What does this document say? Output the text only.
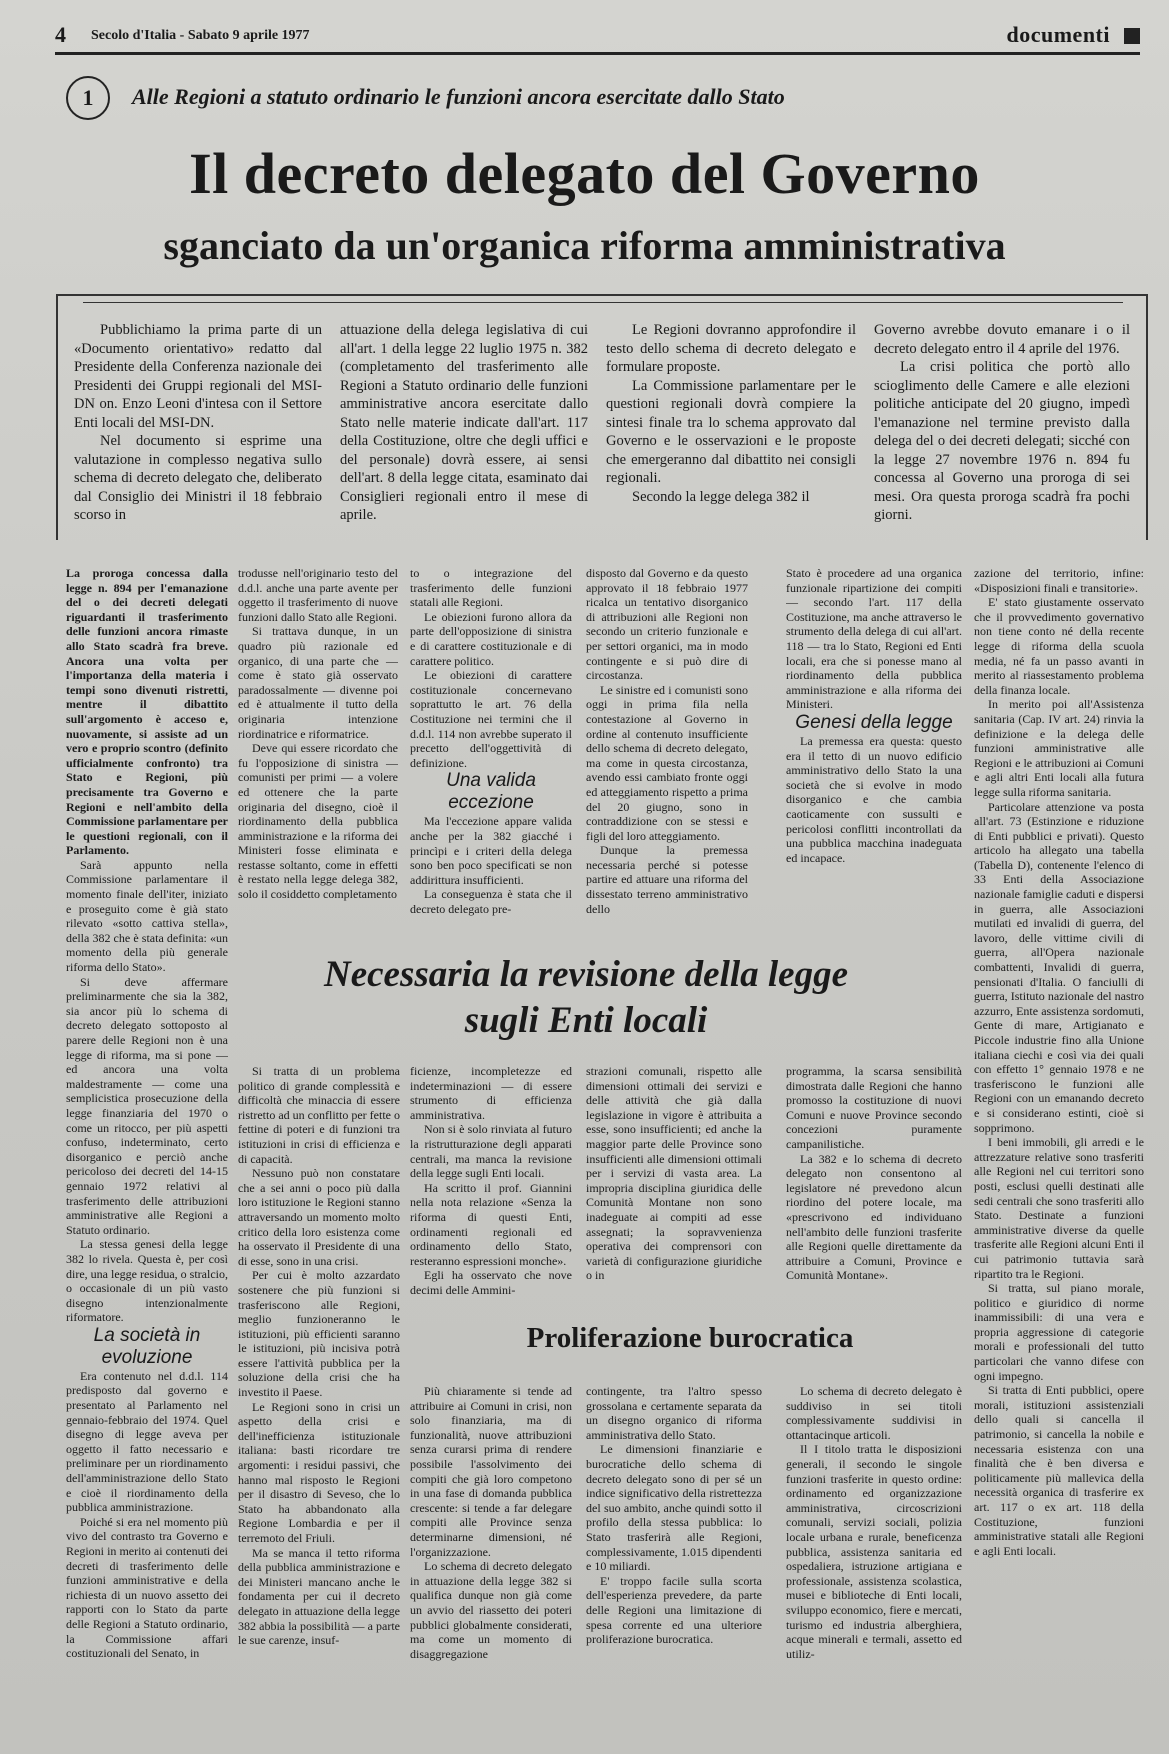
4 Secolo d'Italia - Sabato 9 aprile 1977	documenti
1	Alle Regioni a statuto ordinario le funzioni ancora esercitate dallo Stato
Il decreto delegato del Governo
sganciato da un'organica riforma amministrativa

Pubblichiamo la prima parte di un «Documento orientativo» redatto dal Presidente della Conferenza nazionale dei Presidenti dei Gruppi regionali del MSI-DN on. Enzo Leoni d'intesa con il Settore Enti locali del MSI-DN.

Nel documento si esprime una valutazione in complesso negativa sullo schema di decreto delegato che, deliberato dal Consiglio dei Ministri il 18 febbraio scorso in

attuazione della delega legislativa di cui all'art. 1 della legge 22 luglio 1975 n. 382 (completamento del trasferimento alle Regioni a Statuto ordinario delle funzioni amministrative ancora esercitate dallo Stato nelle materie indicate dall'art. 117 della Costituzione, oltre che degli uffici e del personale) dovrà essere, ai sensi dell'art. 8 della legge citata, esaminato dai Consiglieri regionali entro il mese di aprile.

Le Regioni dovranno approfondire il testo dello schema di decreto delegato e formulare proposte.

La Commissione parlamentare per le questioni regionali dovrà compiere la sintesi finale tra lo schema approvato dal Governo e le osservazioni e le proposte che emergeranno dal dibattito nei consigli regionali.

Secondo la legge delega 382 il

Governo avrebbe dovuto emanare i o il decreto delegato entro il 4 aprile del 1976.

La crisi politica che portò allo scioglimento delle Camere e alle elezioni politiche anticipate del 20 giugno, impedì l'emanazione nel termine previsto dalla delega del o dei decreti delegati; sicché con la legge 27 novembre 1976 n. 894 fu concessa al Governo una proroga di sei mesi. Ora questa proroga scadrà fra pochi giorni.

La proroga concessa dalla legge n. 894 per l'emanazione del o dei decreti delegati riguardanti il trasferimento delle funzioni ancora rimaste allo Stato scadrà fra breve. Ancora una volta per l'importanza della materia i tempi sono divenuti ristretti, mentre il dibattito sull'argomento è acceso e, nuovamente, si assiste ad un vero e proprio scontro (definito ufficialmente confronto) tra Stato e Regioni, più precisamente tra Governo e Regioni e nell'ambito della Commissione parlamentare per le questioni regionali, con il Parlamento.

Sarà appunto nella Commissione parlamentare il momento finale dell'iter, iniziato e proseguito come è già stato rilevato «sotto cattiva stella», della 382 che è stata definita: «un momento della più generale riforma dello Stato».

Si deve affermare preliminarmente che sia la 382, sia ancor più lo schema di decreto delegato sottoposto al parere delle Regioni non è una legge di riforma, ma si pone — ed ancora una volta maldestramente — come una semplicistica prosecuzione della legge finanziaria del 1970 o come un ritocco, per più aspetti confuso, indeterminato, certo disorganico e perciò anche pericoloso dei decreti del 14-15 gennaio 1972 relativi al trasferimento delle attribuzioni amministrative alle Regioni a Statuto ordinario.

La stessa genesi della legge 382 lo rivela. Questa è, per così dire, una legge residua, o stralcio, o occasionale di un più vasto disegno intenzionalmente riformatore.

La società in evoluzione

Era contenuto nel d.d.l. 114 predisposto dal governo e presentato al Parlamento nel gennaio-febbraio del 1974. Quel disegno di legge aveva per oggetto il fatto necessario e preliminare per un riordinamento dell'amministrazione dello Stato e cioè il riordinamento della pubblica amministrazione.

Poiché si era nel momento più vivo del contrasto tra Governo e Regioni in merito ai contenuti dei decreti di trasferimento delle funzioni amministrative e della richiesta di un nuovo assetto dei rapporti con lo Stato da parte delle Regioni a Statuto ordinario, la Commissione affari costituzionali del Senato, in

trodusse nell'originario testo del d.d.l. anche una parte avente per oggetto il trasferimento di nuove funzioni dallo Stato alle Regioni.

Si trattava dunque, in un quadro più razionale ed organico, di una parte che — come è stato già osservato paradossalmente — divenne poi ed è attualmente il tutto della originaria intenzione riordinatrice e riformatrice.

Deve qui essere ricordato che fu l'opposizione di sinistra — comunisti per primi — a volere ed ottenere che la parte originaria del disegno, cioè il riordinamento della pubblica amministrazione e la riforma dei Ministeri fosse eliminata e restasse soltanto, come in effetti è restato nella legge delega 382, solo il cosiddetto completamento

to o integrazione del trasferimento delle funzioni statali alle Regioni.

Le obiezioni furono allora da parte dell'opposizione di sinistra e di carattere costituzionale e di carattere politico.

Le obiezioni di carattere costituzionale concernevano soprattutto le art. 76 della Costituzione nei termini che il d.d.l. 114 non avrebbe superato il precetto dell'oggettività di definizione.

Una valida eccezione

Ma l'eccezione appare valida anche per la 382 giacché i princìpi e i criteri della delega sono ben poco specificati se non addirittura insufficienti.

La conseguenza è stata che il decreto delegato pre-

disposto dal Governo e da questo approvato il 18 febbraio 1977 ricalca un tentativo disorganico di attribuzioni alle Regioni non secondo un criterio funzionale e per settori organici, ma in modo contingente e si può dire di circostanza.

Le sinistre ed i comunisti sono oggi in prima fila nella contestazione al Governo in ordine al contenuto insufficiente dello schema di decreto delegato, ma come in questa circostanza, avendo essi cambiato fronte oggi ed atteggiamento rispetto a prima del 20 giugno, sono in contraddizione con se stessi e figli del loro atteggiamento.

Dunque la premessa necessaria perché si potesse partire ed attuare una riforma del dissestato terreno amministrativo dello

Stato è procedere ad una organica funzionale ripartizione dei compiti — secondo l'art. 117 della Costituzione, ma anche attraverso le strumento della delega di cui all'art. 118 — tra lo Stato, Regioni ed Enti locali, era che si ponesse mano al riordinamento della pubblica amministrazione e alla riforma dei Ministeri.

Genesi della legge

La premessa era questa: questo era il tetto di un nuovo edificio amministrativo dello Stato la una società che si evolve in modo disorganico e che cambia caoticamente con sussulti e pericolosi conflitti incontrollati da una pubblica macchina inadeguata ed incapace.

zazione del territorio, infine: «Disposizioni finali e transitorie».

E' stato giustamente osservato che il provvedimento governativo non tiene conto né della recente legge di riforma della scuola media, né fa un passo avanti in merito al riassestamento problema della finanza locale.

In merito poi all'Assistenza sanitaria (Cap. IV art. 24) rinvia la definizione e la delega delle funzioni amministrative alle Regioni e le attribuzioni ai Comuni e agli altri Enti locali alla futura legge sulla riforma sanitaria.

Particolare attenzione va posta all'art. 73 (Estinzione e riduzione di Enti pubblici e privati). Questo articolo ha allegato una tabella (Tabella D), contenente l'elenco di 33 Enti della Associazione nazionale famiglie caduti e dispersi in guerra, alle Associazioni mutilati ed invalidi di guerra, del lavoro, delle vittime civili di guerra, all'Opera nazionale combattenti, Invalidi di guerra, pensionati d'Italia. O fanciulli di guerra, Istituto nazionale del nastro azzurro, Ente assistenza sordomuti, Gente di mare, Artigianato e Piccole industrie fino alla Unione italiana ciechi e così via dei quali con effetto 1° gennaio 1978 e ne trasferiscono le funzioni alle Regioni con un emanando decreto e si considerano estinti, cioè si sopprimono.

I beni immobili, gli arredi e le attrezzature relative sono trasferiti alle Regioni nel cui territori sono posti, esclusi quelli destinati alle sedi centrali che sono trasferiti allo Stato. Destinate a funzioni amministrative diverse da quelle trasferite alle Regioni alcuni Enti il cui patrimonio tuttavia sarà ripartito tra le Regioni.

Si tratta, sul piano morale, politico e giuridico di norme inammissibili: di una vera e propria aggressione di categorie morali e professionali del tutto particolari che vanno difese con ogni impegno.

Si tratta di Enti pubblici, opere morali, istituzioni assistenziali dello quali si cancella il patrimonio, si cancella la nobile e necessaria esistenza con una finalità che è ben diversa e politicamente più mallevica della necessità organica di trasferire ex art. 117 o ex art. 118 della Costituzione, funzioni amministrative statali alle Regioni e agli Enti locali.

Necessaria la revisione della legge
sugli Enti locali

Si tratta di un problema politico di grande complessità e difficoltà che minaccia di essere ristretto ad un conflitto per fette o fettine di poteri e di funzioni tra istituzioni in crisi di efficienza e di capacità.

Nessuno può non constatare che a sei anni o poco più dalla loro istituzione le Regioni stanno attraversando un momento molto critico della loro esistenza come ha osservato il Presidente di una di esse, sono in una crisi.

Per cui è molto azzardato sostenere che più funzioni si trasferiscono alle Regioni, meglio funzioneranno le istituzioni, più efficienti saranno le istituzioni, più incisiva potrà essere l'attività pubblica per la soluzione della crisi che ha investito il Paese.

Le Regioni sono in crisi un aspetto della crisi e dell'inefficienza istituzionale italiana: basti ricordare tre argomenti: i residui passivi, che hanno mal risposto le Regioni per il disastro di Seveso, che lo Stato ha abbandonato alla Regione Lombardia e per il terremoto del Friuli.

Ma se manca il tetto riforma della pubblica amministrazione e dei Ministeri mancano anche le fondamenta per cui il decreto delegato in attuazione della legge 382 abbia la possibilità — a parte le sue carenze, insuf-

ficienze, incompletezze ed indeterminazioni — di essere strumento di efficienza amministrativa.

Non si è solo rinviata al futuro la ristrutturazione degli apparati centrali, ma manca la revisione della legge sugli Enti locali.

Ha scritto il prof. Giannini nella nota relazione «Senza la riforma di questi Enti, ordinamenti regionali ed ordinamento dello Stato, resteranno espressioni monche».

Egli ha osservato che nove decimi delle Ammini-

strazioni comunali, rispetto alle dimensioni ottimali dei servizi e delle attività che già dalla legislazione in vigore è attribuita a esse, sono insufficienti; ed anche la maggior parte delle Province sono insufficienti alle dimensioni ottimali per i servizi di vasta area. La impropria disciplina giuridica delle Comunità Montane non sono inadeguate ai compiti ad esse assegnati; la sopravvenienza operativa dei comprensori con varietà di configurazione giuridiche o in

programma, la scarsa sensibilità dimostrata dalle Regioni che hanno promosso la costituzione di nuovi Comuni e nuove Province secondo concezioni puramente campanilistiche.

La 382 e lo schema di decreto delegato non consentono al legislatore né prevedono alcun riordino del potere locale, ma «prescrivono ed individuano nell'ambito delle funzioni trasferite alle Regioni quelle direttamente da attribuire a Comuni, Province e Comunità Montane».

Proliferazione burocratica

Più chiaramente si tende ad attribuire ai Comuni in crisi, non solo finanziaria, ma di funzionalità, nuove attribuzioni senza curarsi prima di rendere possibile l'assolvimento dei compiti che già loro competono in una fase di domanda pubblica crescente: si tende a far delegare compiti alle Province senza determinarne dimensioni, né l'organizzazione.

Lo schema di decreto delegato in attuazione della legge 382 si qualifica dunque non già come un avvio del riassetto dei poteri pubblici globalmente considerati, ma come un momento di disaggregazione

contingente, tra l'altro spesso grossolana e certamente separata da un disegno organico di riforma amministrativa dello Stato.

Le dimensioni finanziarie e burocratiche dello schema di decreto delegato sono di per sé un indice significativo della ristrettezza del suo ambito, anche quindi sotto il profilo della stessa pubblica: lo Stato trasferirà alle Regioni, complessivamente, 1.015 dipendenti e 10 miliardi.

E' troppo facile sulla scorta dell'esperienza prevedere, da parte delle Regioni una limitazione di spesa corrente ed una ulteriore proliferazione burocratica.

Lo schema di decreto delegato è suddiviso in sei titoli complessivamente suddivisi in ottantacinque articoli.

Il I titolo tratta le disposizioni generali, il secondo le singole funzioni trasferite in questo ordine: ordinamento ed organizzazione amministrativa, circoscrizioni comunali, servizi sociali, polizia locale urbana e rurale, beneficenza pubblica, assistenza sanitaria ed ospedaliera, istruzione artigiana e professionale, assistenza scolastica, musei e biblioteche di Enti locali, sviluppo economico, fiere e mercati, turismo ed industria alberghiera, acque minerali e termali, assetto ed utiliz-
